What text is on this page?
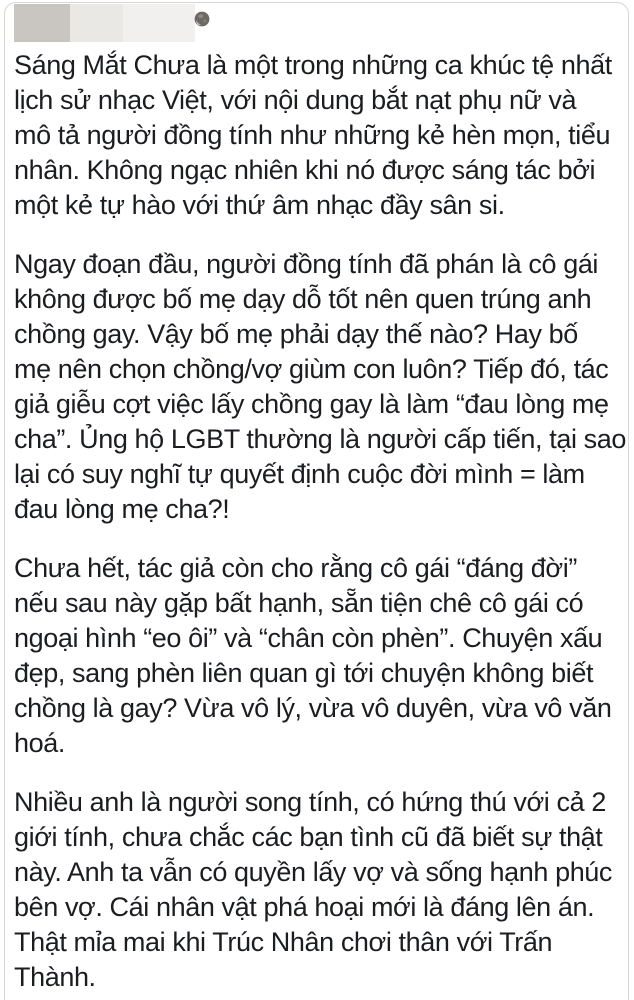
Sáng Mắt Chưa là một trong những ca khúc tệ nhất
lịch sử nhạc Việt, với nội dung bắt nạt phụ nữ và
mô tả người đồng tính như những kẻ hèn mọn, tiểu
nhân. Không ngạc nhiên khi nó được sáng tác bởi
một kẻ tự hào với thứ âm nhạc đầy sân si.
Ngay đoạn đầu, người đồng tính đã phán là cô gái
không được bố mẹ dạy dỗ tốt nên quen trúng anh
chồng gay. Vậy bố mẹ phải dạy thế nào? Hay bố
mẹ nên chọn chồng/vợ giùm con luôn? Tiếp đó, tác
giả giễu cợt việc lấy chồng gay là làm “đau lòng mẹ
cha”. Ủng hộ LGBT thường là người cấp tiến, tại sao
lại có suy nghĩ tự quyết định cuộc đời mình = làm
đau lòng mẹ cha?!
Chưa hết, tác giả còn cho rằng cô gái “đáng đời”
nếu sau này gặp bất hạnh, sẵn tiện chê cô gái có
ngoại hình “eo ôi” và “chân còn phèn”. Chuyện xấu
đẹp, sang phèn liên quan gì tới chuyện không biết
chồng là gay? Vừa vô lý, vừa vô duyên, vừa vô văn
hoá.
Nhiều anh là người song tính, có hứng thú với cả 2
giới tính, chưa chắc các bạn tình cũ đã biết sự thật
này. Anh ta vẫn có quyền lấy vợ và sống hạnh phúc
bên vợ. Cái nhân vật phá hoại mới là đáng lên án.
Thật mỉa mai khi Trúc Nhân chơi thân với Trấn
Thành.
